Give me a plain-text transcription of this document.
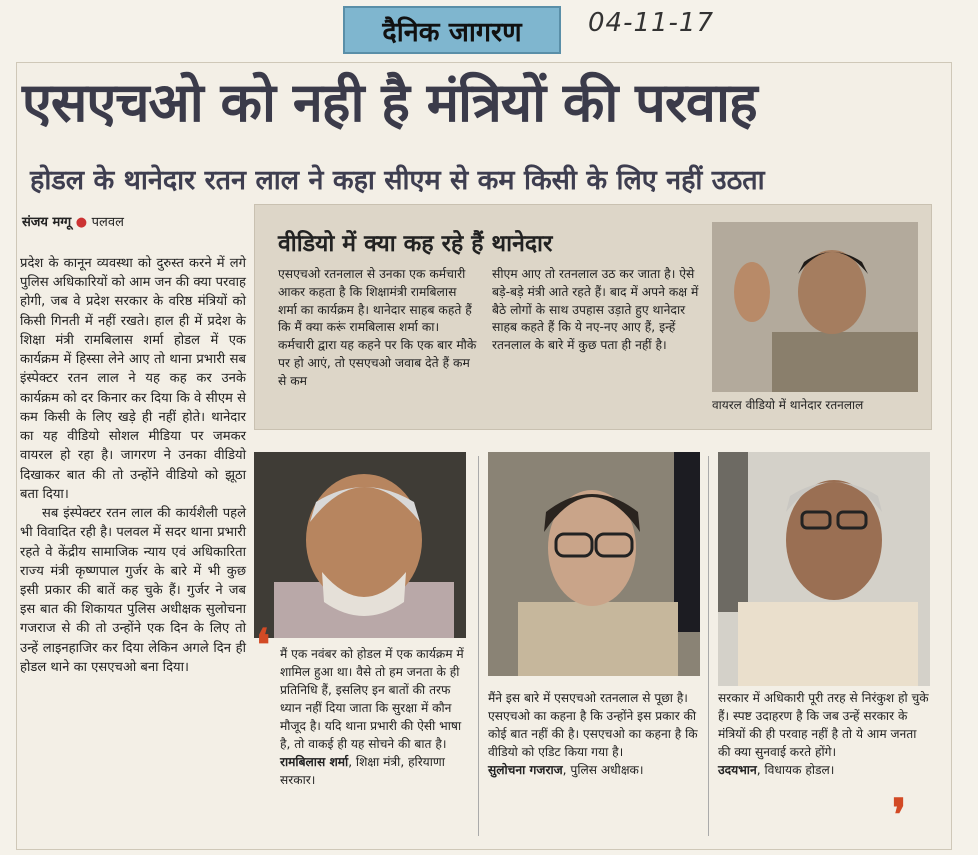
दैनिक जागरण	04-11-17
एसएचओ को नही है मंत्रियों की परवाह
होडल के थानेदार रतन लाल ने कहा सीएम से कम किसी के लिए नहीं उठता
संजय मग्गू ● पलवल

प्रदेश के कानून व्यवस्था को दुरुस्त करने में लगे पुलिस अधिकारियों को आम जन की क्या परवाह होगी, जब वे प्रदेश सरकार के वरिष्ठ मंत्रियों को किसी गिनती में नहीं रखते। हाल ही में प्रदेश के शिक्षा मंत्री रामबिलास शर्मा होडल में एक कार्यक्रम में हिस्सा लेने आए तो थाना प्रभारी सब इंस्पेक्टर रतन लाल ने यह कह कर उनके कार्यक्रम को दर किनार कर दिया कि वे सीएम से कम किसी के लिए खड़े ही नहीं होते। थानेदार का यह वीडियो सोशल मीडिया पर जमकर वायरल हो रहा है। जागरण ने उनका वीडियो दिखाकर बात की तो उन्होंने वीडियो को झूठा बता दिया।

सब इंस्पेक्टर रतन लाल की कार्यशैली पहले भी विवादित रही है। पलवल में सदर थाना प्रभारी रहते वे केंद्रीय सामाजिक न्याय एवं अधिकारिता राज्य मंत्री कृष्णपाल गुर्जर के बारे में भी कुछ इसी प्रकार की बातें कह चुके हैं। गुर्जर ने जब इस बात की शिकायत पुलिस अधीक्षक सुलोचना गजराज से की तो उन्होंने एक दिन के लिए तो उन्हें लाइनहाजिर कर दिया लेकिन अगले दिन ही होडल थाने का एसएचओ बना दिया।

वीडियो में क्या कह रहे हैं थानेदार
एसएचओ रतनलाल से उनका एक कर्मचारी आकर कहता है कि शिक्षामंत्री रामबिलास शर्मा का कार्यक्रम है। थानेदार साहब कहते हैं कि मैं क्या करूं रामबिलास शर्मा का। कर्मचारी द्वारा यह कहने पर कि एक बार मौके पर हो आएं, तो एसएचओ जवाब देते हैं कम से कम
सीएम आए तो रतनलाल उठ कर जाता है। ऐसे बड़े-बड़े मंत्री आते रहते हैं। बाद में अपने कक्ष में बैठे लोगों के साथ उपहास उड़ाते हुए थानेदार साहब कहते हैं कि ये नए-नए आए हैं, इन्हें रतनलाल के बारे में कुछ पता ही नहीं है।
वायरल वीडियो में थानेदार रतनलाल
❛ मैं एक नवंबर को होडल में एक कार्यक्रम में शामिल हुआ था। वैसे तो हम जनता के ही प्रतिनिधि हैं, इसलिए इन बातों की तरफ ध्यान नहीं दिया जाता कि सुरक्षा में कौन मौजूद है। यदि थाना प्रभारी की ऐसी भाषा है, तो वाकई ही यह सोचने की बात है।
रामबिलास शर्मा, शिक्षा मंत्री, हरियाणा सरकार।
मैंने इस बारे में एसएचओ रतनलाल से पूछा है। एसएचओ का कहना है कि उन्होंने इस प्रकार की कोई बात नहीं की है। एसएचओ का कहना है कि वीडियो को एडिट किया गया है।
सुलोचना गजराज, पुलिस अधीक्षक।
सरकार में अधिकारी पूरी तरह से निरंकुश हो चुके हैं। स्पष्ट उदाहरण है कि जब उन्हें सरकार के मंत्रियों की ही परवाह नहीं है तो ये आम जनता की क्या सुनवाई करते होंगे।
उदयभान, विधायक होडल।
❜
